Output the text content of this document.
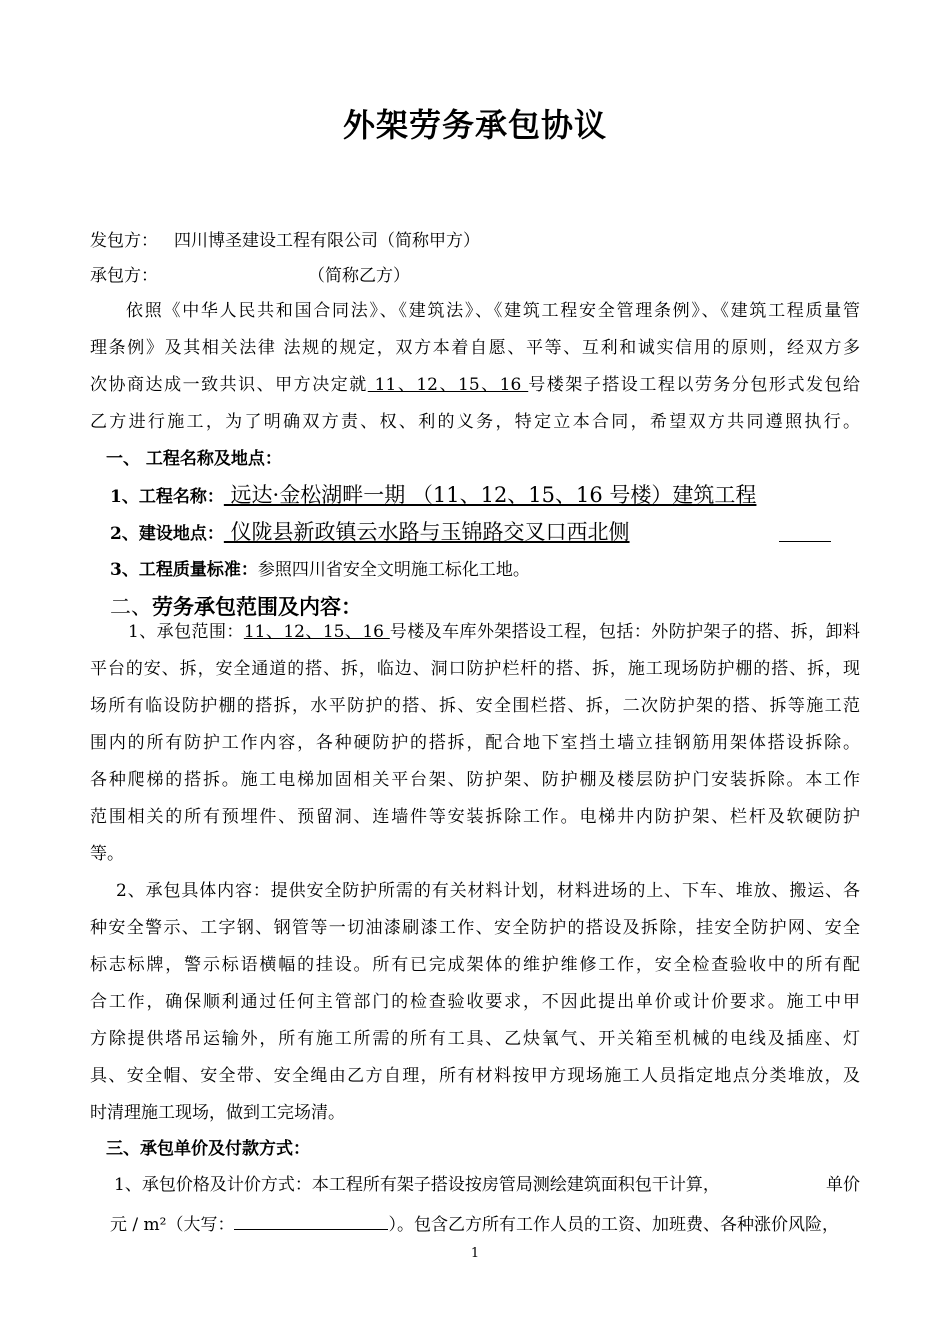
外架劳务承包协议
发包方： 四川博圣建设工程有限公司（简称甲方）
承包方：	（简称乙方）
依照《中华人民共和国合同法》、《建筑法》、《建筑工程安全管理条例》、《建筑工程质量管
理条例》及其相关法律 法规的规定，双方本着自愿、平等、互利和诚实信用的原则，经双方多
次协商达成一致共识、甲方决定就 11、12、15、16 号楼架子搭设工程以劳务分包形式发包给
乙方进行施工，为了明确双方责、权、利的义务，特定立本合同，希望双方共同遵照执行。
一、 工程名称及地点：
1、工程名称： 远达·金松湖畔一期 （11、12、15、16 号楼）建筑工程
2、建设地点： 仪陇县新政镇云水路与玉锦路交叉口西北侧
3、工程质量标准：参照四川省安全文明施工标化工地。
二、劳务承包范围及内容：
1、承包范围：11、12、15、16 号楼及车库外架搭设工程，包括：外防护架子的搭、拆，卸料
平台的安、拆，安全通道的搭、拆，临边、洞口防护栏杆的搭、拆，施工现场防护棚的搭、拆，现
场所有临设防护棚的搭拆，水平防护的搭、拆、安全围栏搭、拆，二次防护架的搭、拆等施工范
围内的所有防护工作内容，各种硬防护的搭拆，配合地下室挡土墙立挂钢筋用架体搭设拆除。
各种爬梯的搭拆。施工电梯加固相关平台架、防护架、防护棚及楼层防护门安装拆除。本工作
范围相关的所有预埋件、预留洞、连墙件等安装拆除工作。电梯井内防护架、栏杆及软硬防护
等。
2、承包具体内容：提供安全防护所需的有关材料计划，材料进场的上、下车、堆放、搬运、各
种安全警示、工字钢、钢管等一切油漆刷漆工作、安全防护的搭设及拆除，挂安全防护网、安全
标志标牌，警示标语横幅的挂设。所有已完成架体的维护维修工作，安全检查验收中的所有配
合工作，确保顺利通过任何主管部门的检查验收要求，不因此提出单价或计价要求。施工中甲
方除提供塔吊运输外，所有施工所需的所有工具、乙炔氧气、开关箱至机械的电线及插座、灯
具、安全帽、安全带、安全绳由乙方自理，所有材料按甲方现场施工人员指定地点分类堆放，及
时清理施工现场，做到工完场清。
三、承包单价及付款方式：
1、承包价格及计价方式：本工程所有架子搭设按房管局测绘建筑面积包干计算，	单价
元 / m²（大写：	）。包含乙方所有工作人员的工资、加班费、各种涨价风险，
1
